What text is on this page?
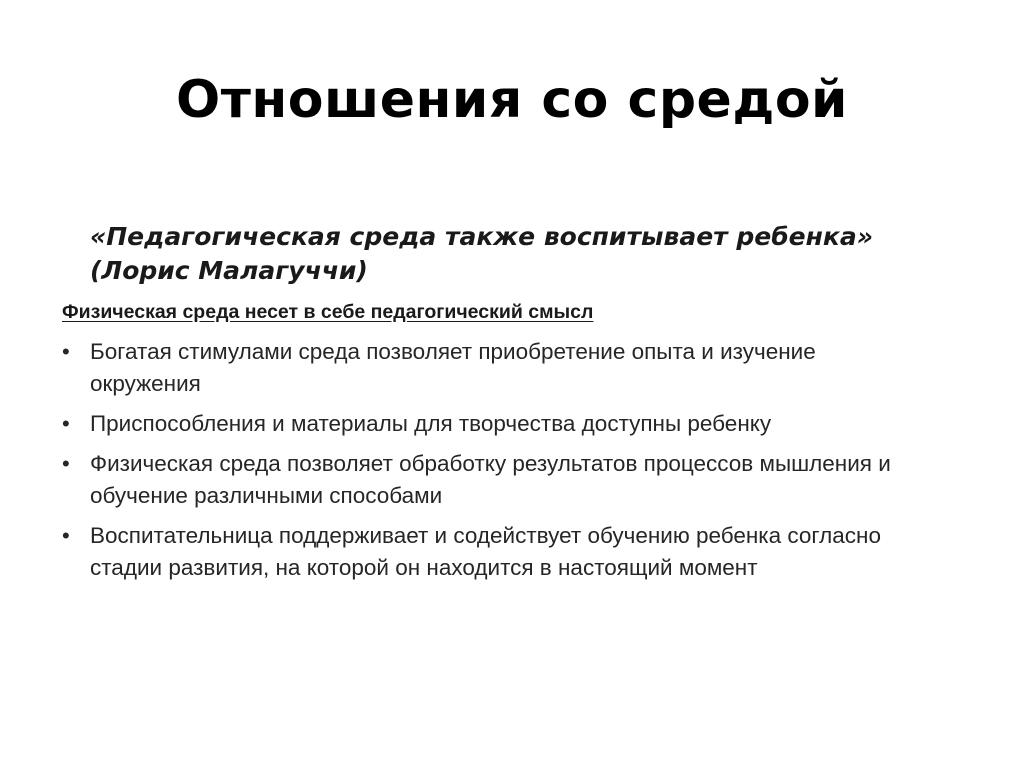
Отношения со средой
«Педагогическая среда также воспитывает ребенка» (Лорис Малагуччи)
Физическая среда несет в себе педагогический смысл
• Богатая стимулами среда позволяет приобретение опыта и изучение окружения
• Приспособления и материалы для творчества доступны ребенку
• Физическая среда позволяет обработку результатов процессов мышления и обучение различными способами
• Воспитательница поддерживает и содействует обучению ребенка согласно стадии развития, на которой он находится в настоящий момент
